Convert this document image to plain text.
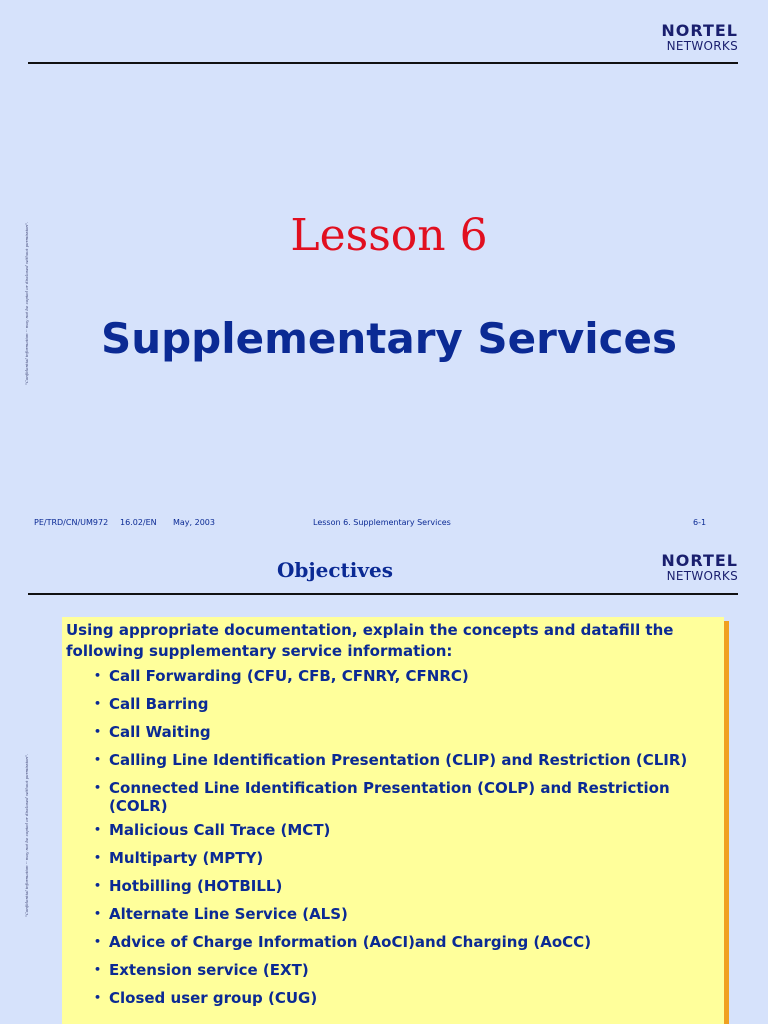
NORTEL
NETWORKS
"Confidential information -- may not be copied or disclosed without permission".	Lesson 6
Supplementary Services
PE/TRD/CN/UM972 16.02/EN May, 2003	Lesson 6. Supplementary Services	6-1
Objectives	NORTEL
NETWORKS
"Confidential information -- may not be copied or disclosed without permission".
Using appropriate documentation, explain the concepts and datafill the following supplementary service information:
• Call Forwarding (CFU, CFB, CFNRY, CFNRC)
• Call Barring
• Call Waiting
• Calling Line Identification Presentation (CLIP) and Restriction (CLIR)
• Connected Line Identification Presentation (COLP) and Restriction (COLR)
• Malicious Call Trace (MCT)
• Multiparty (MPTY)
• Hotbilling (HOTBILL)
• Alternate Line Service (ALS)
• Advice of Charge Information (AoCI)and Charging (AoCC)
• Extension service (EXT)
• Closed user group (CUG)
